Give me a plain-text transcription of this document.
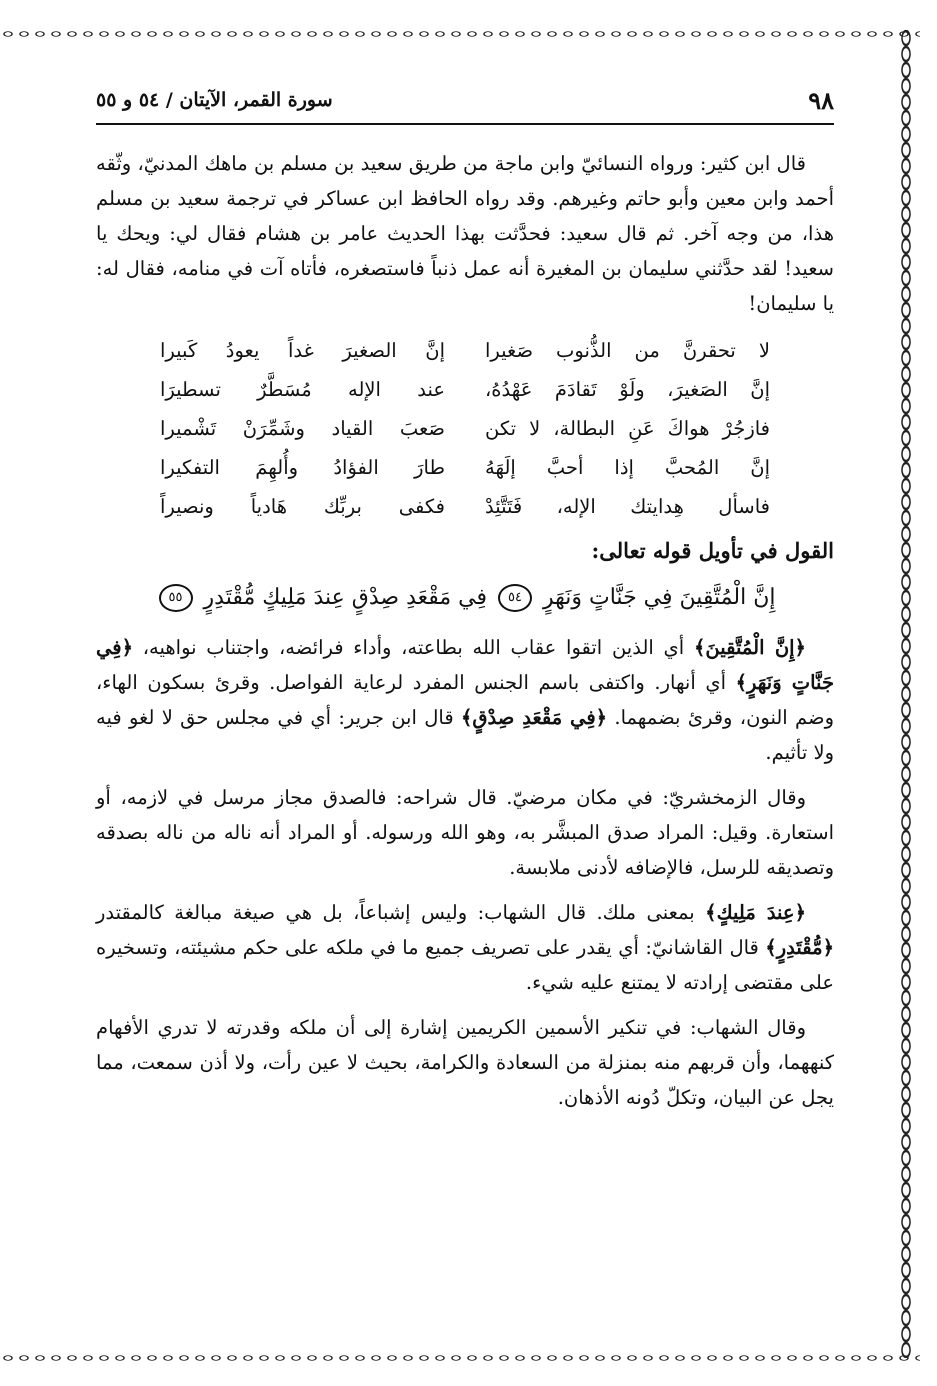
٩٨
سورة القمر، الآيتان / ٥٤ و ٥٥

قال ابن كثير: ورواه النسائيّ وابن ماجة من طريق سعيد بن مسلم بن ماهك المدنيّ، وثّقه أحمد وابن معين وأبو حاتم وغيرهم. وقد رواه الحافظ ابن عساكر في ترجمة سعيد بن مسلم هذا، من وجه آخر. ثم قال سعيد: فحدَّثت بهذا الحديث عامر بن هشام فقال لي: ويحك يا سعيد! لقد حدَّثني سليمان بن المغيرة أنه عمل ذنباً فاستصغره، فأتاه آت في منامه، فقال له: يا سليمان!

لا تحقرنَّ من الذُّنوب صَغيرا
إنَّ الصغيرَ غداً يعودُ كَبيرا
إنَّ الصَغيرَ، ولَوْ تَقادَمَ عَهْدُهُ،
عند الإله مُسَطَّرٌ تسطيرَا
فازجُرْ هواكَ عَنِ البطالة، لا تكن
صَعبَ القياد وشَمِّرَنْ تَشْميرا
إنَّ المُحبَّ إذا أحبَّ إلَهَهُ
طارَ الفؤادُ وأُلهِمَ التفكيرا
فاسأل هِدايتك الإله، فَتَتَّئِدْ
فكفى بربِّك هَادياً ونصيراً
القول في تأويل قوله تعالى:
إِنَّ الْمُتَّقِينَ فِي جَنَّاتٍ وَنَهَرٍ ٥٤ فِي مَقْعَدِ صِدْقٍ عِندَ مَلِيكٍ مُّقْتَدِرٍ ٥٥

﴿إِنَّ الْمُتَّقِينَ﴾ أي الذين اتقوا عقاب الله بطاعته، وأداء فرائضه، واجتناب نواهيه، ﴿فِي جَنَّاتٍ وَنَهَرٍ﴾ أي أنهار. واكتفى باسم الجنس المفرد لرعاية الفواصل. وقرئ بسكون الهاء، وضم النون، وقرئ بضمهما. ﴿فِي مَقْعَدِ صِدْقٍ﴾ قال ابن جرير: أي في مجلس حق لا لغو فيه ولا تأثيم.

وقال الزمخشريّ: في مكان مرضيّ. قال شراحه: فالصدق مجاز مرسل في لازمه، أو استعارة. وقيل: المراد صدق المبشَّر به، وهو الله ورسوله. أو المراد أنه ناله من ناله بصدقه وتصديقه للرسل، فالإضافه لأدنى ملابسة.

﴿عِندَ مَلِيكٍ﴾ بمعنى ملك. قال الشهاب: وليس إشباعاً، بل هي صيغة مبالغة كالمقتدر ﴿مُّقْتَدِرٍ﴾ قال القاشانيّ: أي يقدر على تصريف جميع ما في ملكه على حكم مشيئته، وتسخيره على مقتضى إرادته لا يمتنع عليه شيء.

وقال الشهاب: في تنكير الأسمين الكريمين إشارة إلى أن ملكه وقدرته لا تدري الأفهام كنههما، وأن قربهم منه بمنزلة من السعادة والكرامة، بحيث لا عين رأت، ولا أذن سمعت، مما يجل عن البيان، وتكلّ دُونه الأذهان.
